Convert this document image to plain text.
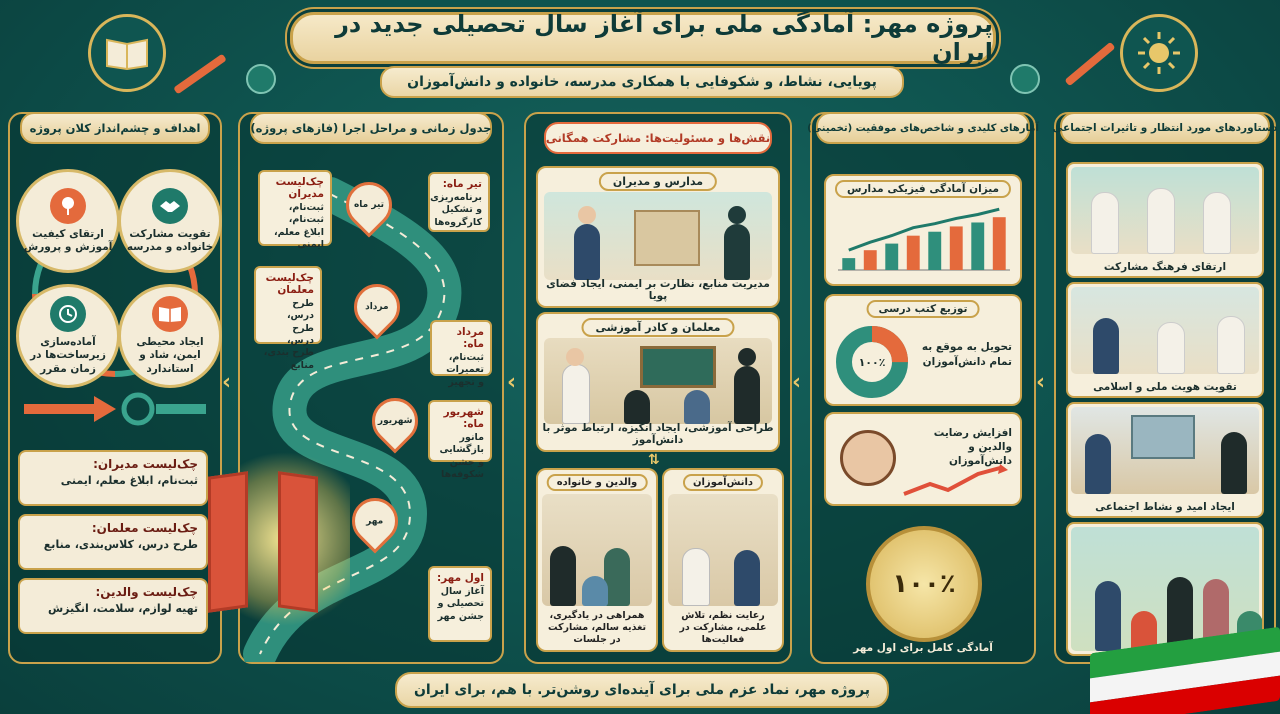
پروژه مهر: آمادگی ملی برای آغاز سال تحصیلی جدید در ایران
پویایی، نشاط، و شکوفایی با همکاری مدرسه، خانواده و دانش‌آموزان
اهداف و چشم‌انداز کلان پروژه
ارتقای کیفیت آموزش و پرورش
تقویت مشارکت خانواده و مدرسه
آماده‌سازی زیرساخت‌ها در زمان مقرر
ایجاد محیطی ایمن، شاد و استاندارد
چک‌لیست مدیران:
ثبت‌نام، ابلاغ معلم، ایمنی
چک‌لیست معلمان:
طرح درس، کلاس‌بندی، منابع
چک‌لیست والدین:
تهیه لوازم، سلامت، انگیزش
›
جدول زمانی و مراحل اجرا (فازهای پروژه)
چک‌لیست مدیران
ثبت‌نام، ثبت‌نام، ابلاغ معلم، ایمنی
تیر ماه:
برنامه‌ریزی و تشکیل کارگروه‌ها
چک‌لیست معلمان
طرح درس، طرح درس، طرح بندی، منابع
مرداد ماه:
ثبت‌نام، تعمیرات و تجهیز
شهریور ماه:
مانور بازگشایی و جشن شکوفه‌ها
اول مهر:
آغاز سال تحصیلی و جشن مهر
تیر ماه
مرداد
شهریور
مهر
›
نقش‌ها و مسئولیت‌ها: مشارکت همگانی
مدارس و مدیران
مدیریت منابع، نظارت بر ایمنی، ایجاد فضای پویا
معلمان و کادر آموزشی
طراحی آموزشی، ایجاد انگیزه، ارتباط موثر با دانش‌آموز
⇅
والدین و خانواده
همراهی در یادگیری، تغذیه سالم، مشارکت در جلسات
دانش‌آموزان
رعایت نظم، تلاش علمی، مشارکت در فعالیت‌ها
›
آمارهای کلیدی و شاخص‌های موفقیت (تخمینی)
میزان آمادگی فیزیکی مدارس
توزیع کتب درسی
۱۰۰٪
تحویل به موقع به تمام دانش‌آموزان
افزایش رضایت والدین و دانش‌آموزان
۱۰۰٪
آمادگی کامل برای اول مهر
›
دستاوردهای مورد انتظار و تاثیرات اجتماعی
ارتقای فرهنگ مشارکت
تقویت هویت ملی و اسلامی
ایجاد امید و نشاط اجتماعی
پروژه مهر، نماد عزم ملی برای آینده‌ای روشن‌تر. با هم، برای ایران
